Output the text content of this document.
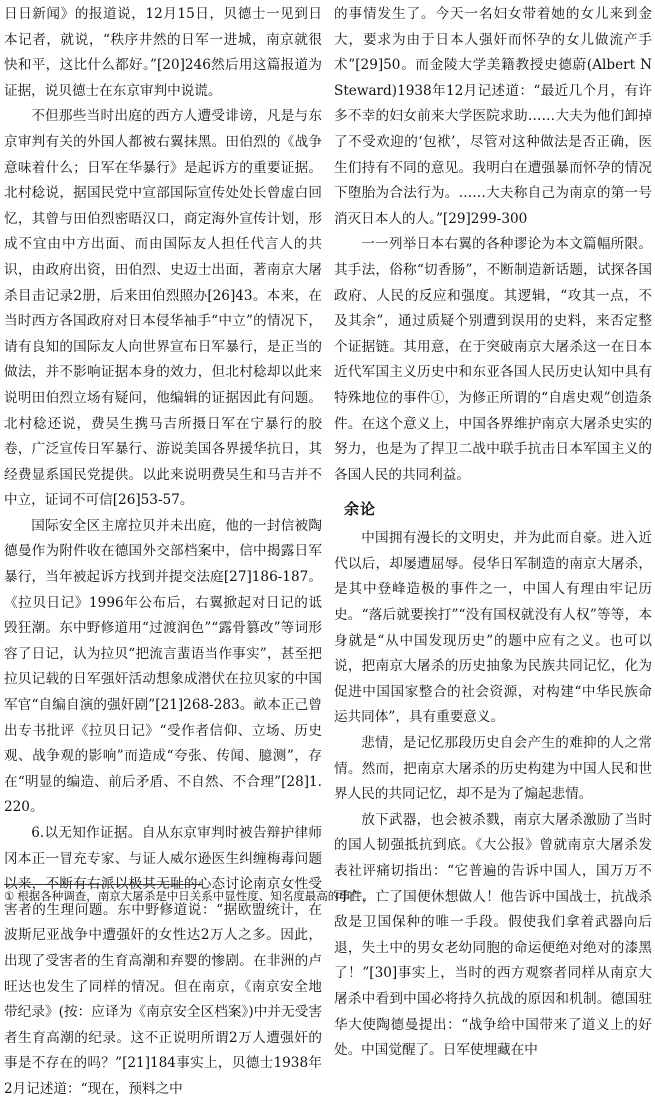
日日新闻》的报道说，12月15日，贝德士一见到日本记者，就说，“秩序井然的日军一进城，南京就很快和平，这比什么都好。”[20]246然后用这篇报道为证据，说贝德士在东京审判中说谎。

不但那些当时出庭的西方人遭受诽谤，凡是与东京审判有关的外国人都被右翼抹黑。田伯烈的《战争意味着什么；日军在华暴行》是起诉方的重要证据。北村稔说，据国民党中宣部国际宣传处处长曾虚白回忆，其曾与田伯烈密晤汉口，商定海外宣传计划，形成不宜由中方出面、而由国际友人担任代言人的共识，由政府出资，田伯烈、史迈士出面，著南京大屠杀目击记录2册，后来田伯烈照办[26]43。本来，在当时西方各国政府对日本侵华袖手“中立”的情况下，请有良知的国际友人向世界宣布日军暴行，是正当的做法，并不影响证据本身的效力，但北村稔却以此来说明田伯烈立场有疑问，他编辑的证据因此有问题。北村稔还说，费吴生携马吉所摄日军在宁暴行的胶卷，广泛宣传日军暴行、游说美国各界援华抗日，其经费显系国民党提供。以此来说明费吴生和马吉并不中立，证词不可信[26]53-57。

国际安全区主席拉贝并未出庭，他的一封信被陶德曼作为附件收在德国外交部档案中，信中揭露日军暴行，当年被起诉方找到并提交法庭[27]186-187。《拉贝日记》1996年公布后，右翼掀起对日记的诋毁狂潮。东中野修道用“过渡润色”“露骨篡改”等词形容了日记，认为拉贝“把流言蜚语当作事实”，甚至把拉贝记载的日军强奸活动想象成潜伏在拉贝家的中国军官“自编自演的强奸剧”[21]268-283。畝本正己曾出专书批评《拉贝日记》“受作者信仰、立场、历史观、战争观的影响”而造成“夸张、传闻、臆测”，存在“明显的编造、前后矛盾、不自然、不合理”[28]1.220。

6.以无知作证据。自从东京审判时被告辩护律师冈本正一冒充专家、与证人威尔逊医生纠缠梅毒问题以来，不断有右派以极其无耻的心态讨论南京女性受害者的生理问题。东中野修道说：“据欧盟统计，在波斯尼亚战争中遭强奸的女性达2万人之多。因此，出现了受害者的生育高潮和弃婴的惨剧。在非洲的卢旺达也发生了同样的情况。但在南京，《南京安全地带纪录》(按：应译为《南京安全区档案》)中并无受害者生育高潮的纪录。这不正说明所谓2万人遭强奸的事是不存在的吗？”[21]184事实上，贝德士1938年2月记述道：“现在，预料之中

的事情发生了。今天一名妇女带着她的女儿来到金大，要求为由于日本人强奸而怀孕的女儿做流产手术”[29]50。而金陵大学美籍教授史德蔚(Albert N Steward)1938年12月记述道：“最近几个月，有许多不幸的妇女前来大学医院求助……大夫为他们卸掉了不受欢迎的‘包袱’，尽管对这种做法是否正确，医生们持有不同的意见。我明白在遭强暴而怀孕的情况下堕胎为合法行为。……大夫称自己为南京的第一号消灭日本人的人。”[29]299-300

一一列举日本右翼的各种谬论为本文篇幅所限。其手法，俗称“切香肠”，不断制造新话题，试探各国政府、人民的反应和强度。其逻辑，“攻其一点，不及其余”，通过质疑个别遭到误用的史料，来否定整个证据链。其用意，在于突破南京大屠杀这一在日本近代军国主义历史中和东亚各国人民历史认知中具有特殊地位的事件①，为修正所谓的“自虐史观”创造条件。在这个意义上，中国各界维护南京大屠杀史实的努力，也是为了捍卫二战中联手抗击日本军国主义的各国人民的共同利益。

余论

中国拥有漫长的文明史，并为此而自豪。进入近代以后，却屡遭屈辱。侵华日军制造的南京大屠杀，是其中登峰造极的事件之一，中国人有理由牢记历史。“落后就要挨打”“没有国权就没有人权”等等，本身就是“从中国发现历史”的题中应有之义。也可以说，把南京大屠杀的历史抽象为民族共同记忆，化为促进中国国家整合的社会资源，对构建“中华民族命运共同体”，具有重要意义。

悲情，是记忆那段历史自会产生的难抑的人之常情。然而，把南京大屠杀的历史构建为中国人民和世界人民的共同记忆，却不是为了煽起悲情。

放下武器，也会被杀戮，南京大屠杀激励了当时的国人韧强抵抗到底。《大公报》曾就南京大屠杀发表社评痛切指出：“它普遍的告诉中国人，国万万不可亡，亡了国便休想做人！他告诉中国战士，抗战杀敌是卫国保种的唯一手段。假使我们拿着武器向后退，失土中的男女老幼同胞的命运便绝对绝对的漆黑了！”[30]事实上，当时的西方观察者同样从南京大屠杀中看到中国必将持久抗战的原因和机制。德国驻华大使陶德曼提出：“战争给中国带来了道义上的好处。中国觉醒了。日军使埋藏在中

① 根据各种调查，南京大屠杀是中日关系中显性度、知名度最高的事件。
